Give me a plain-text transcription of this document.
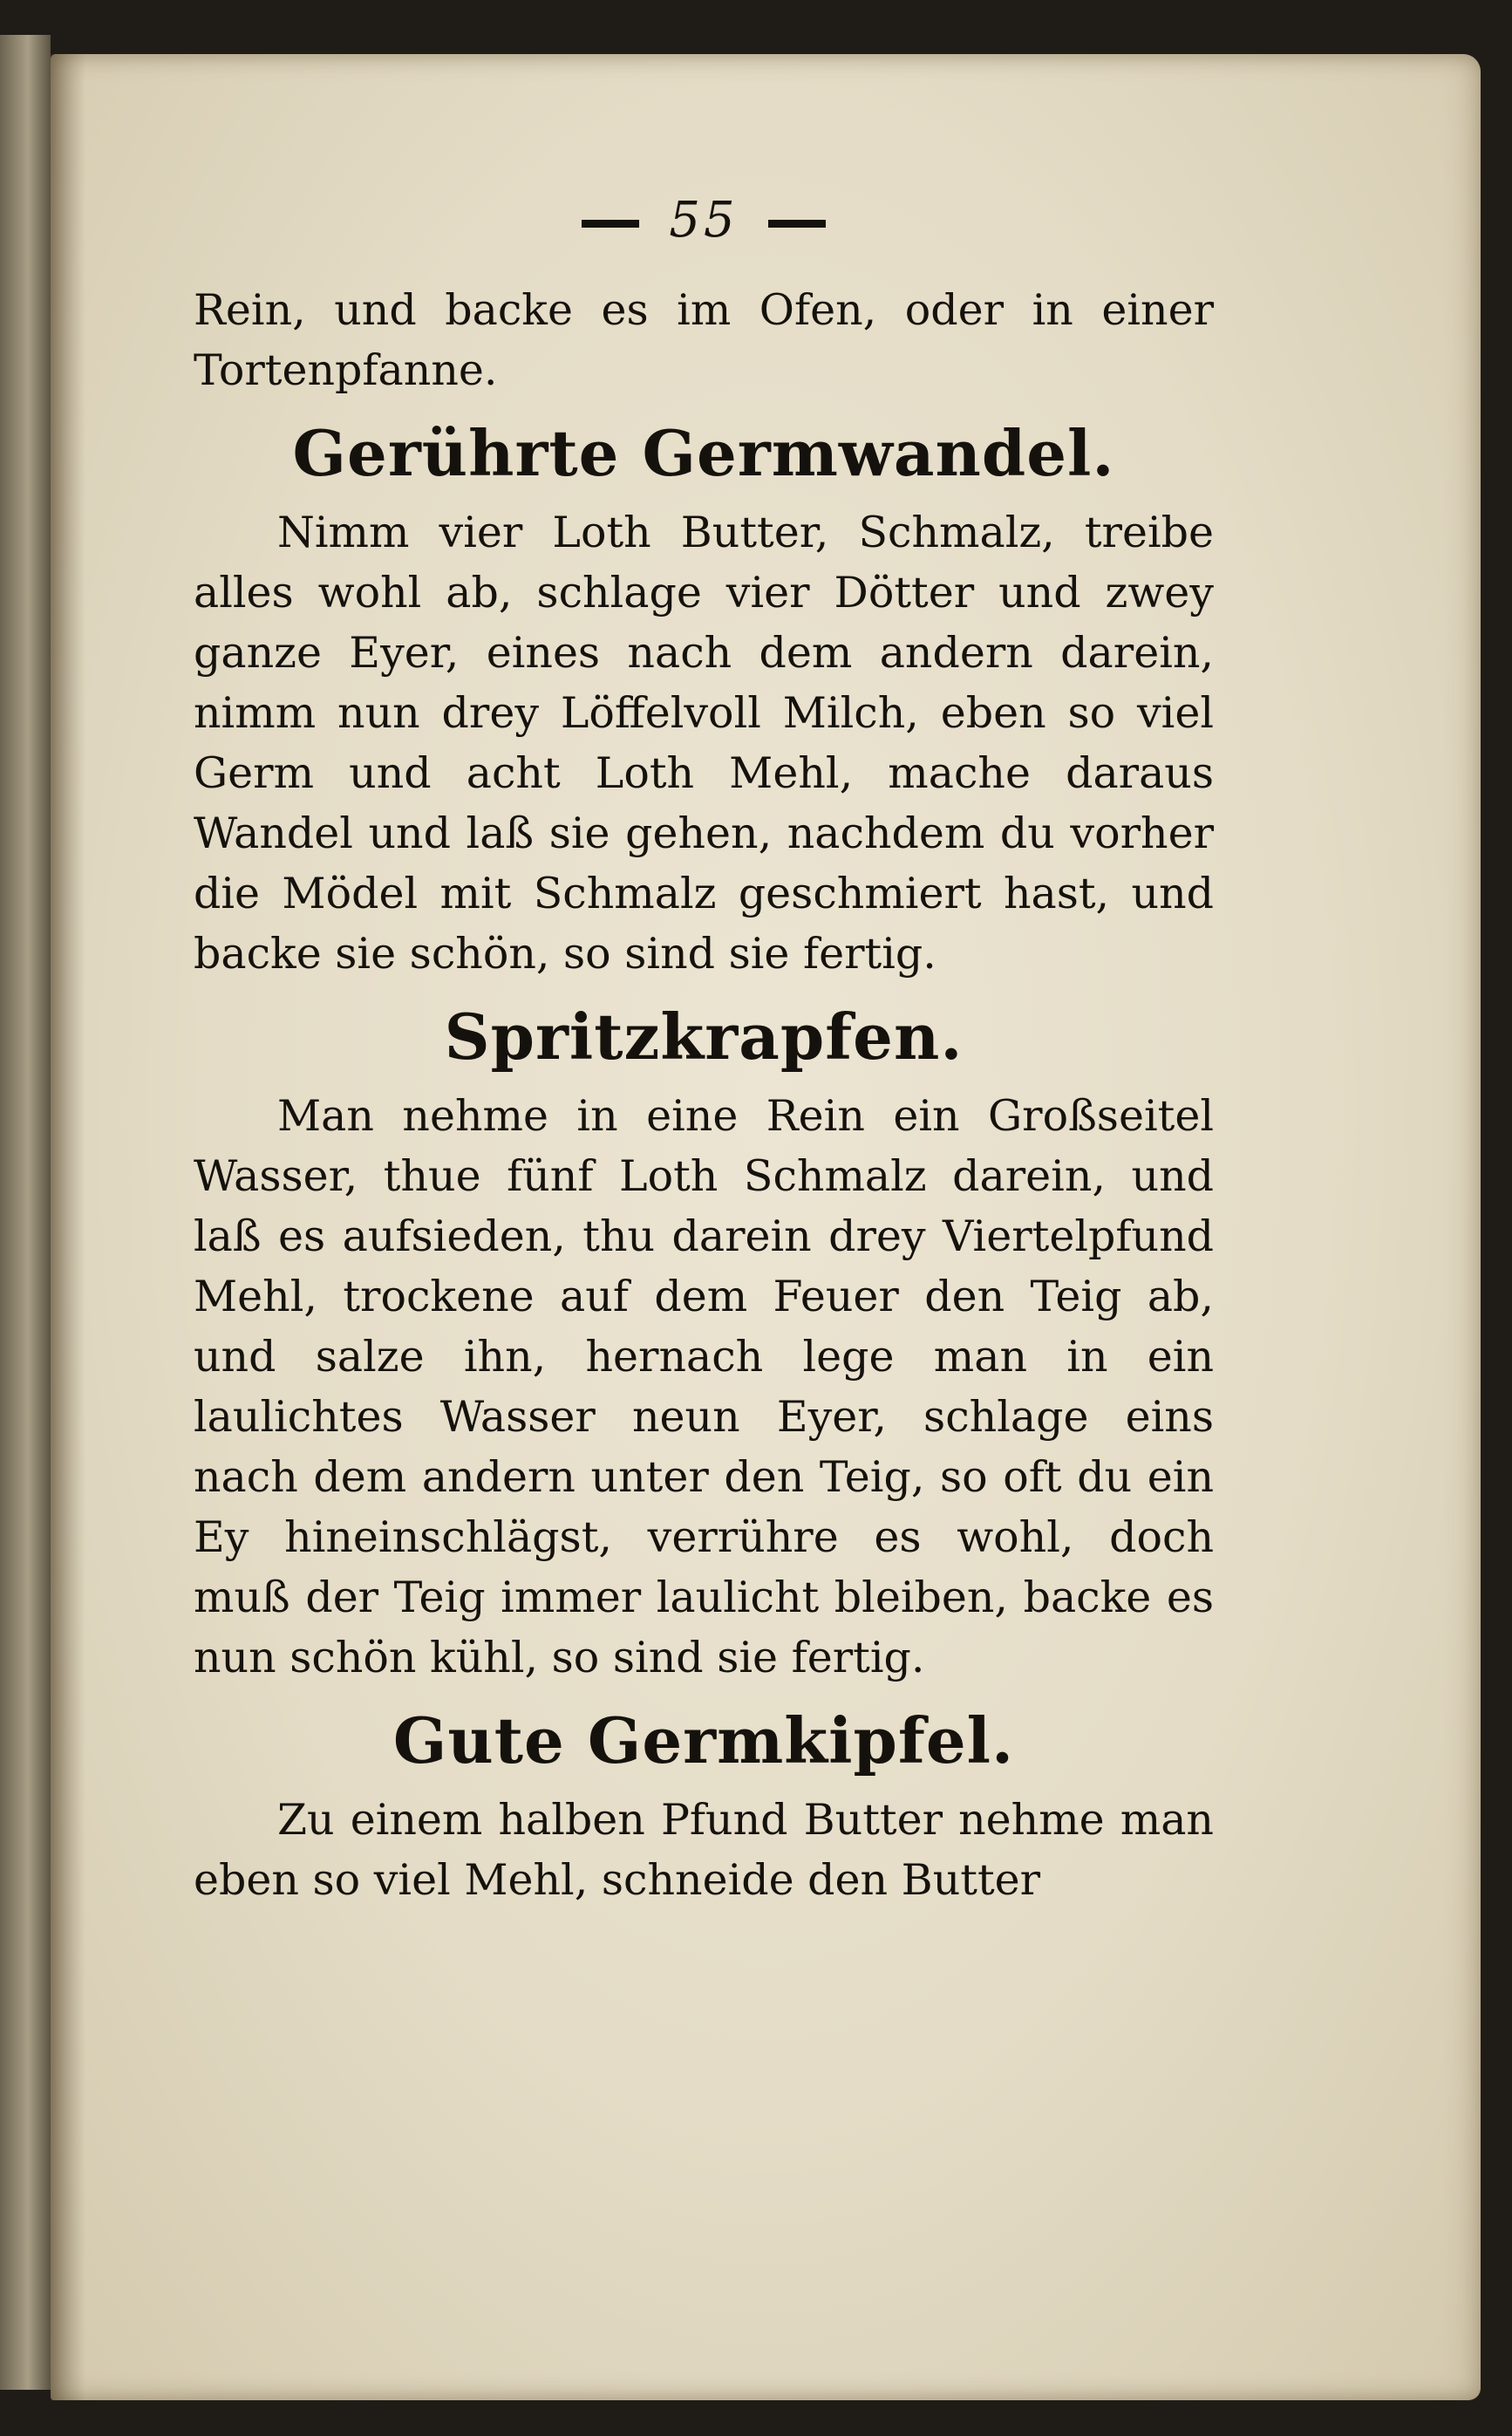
55

Rein, und backe es im Ofen, oder in einer Tortenpfanne.

Gerührte Germwandel.

Nimm vier Loth Butter, Schmalz, treibe alles wohl ab, schlage vier Dötter und zwey ganze Eyer, eines nach dem andern darein, nimm nun drey Löffelvoll Milch, eben so viel Germ und acht Loth Mehl, mache daraus Wandel und laß sie gehen, nachdem du vorher die Mödel mit Schmalz geschmiert hast, und backe sie schön, so sind sie fertig.

Spritzkrapfen.

Man nehme in eine Rein ein Großseitel Wasser, thue fünf Loth Schmalz darein, und laß es aufsieden, thu darein drey Viertelpfund Mehl, trockene auf dem Feuer den Teig ab, und salze ihn, hernach lege man in ein laulichtes Wasser neun Eyer, schlage eins nach dem andern unter den Teig, so oft du ein Ey hineinschlägst, verrühre es wohl, doch muß der Teig immer laulicht bleiben, backe es nun schön kühl, so sind sie fertig.

Gute Germkipfel.

Zu einem halben Pfund Butter nehme man eben so viel Mehl, schneide den Butter
